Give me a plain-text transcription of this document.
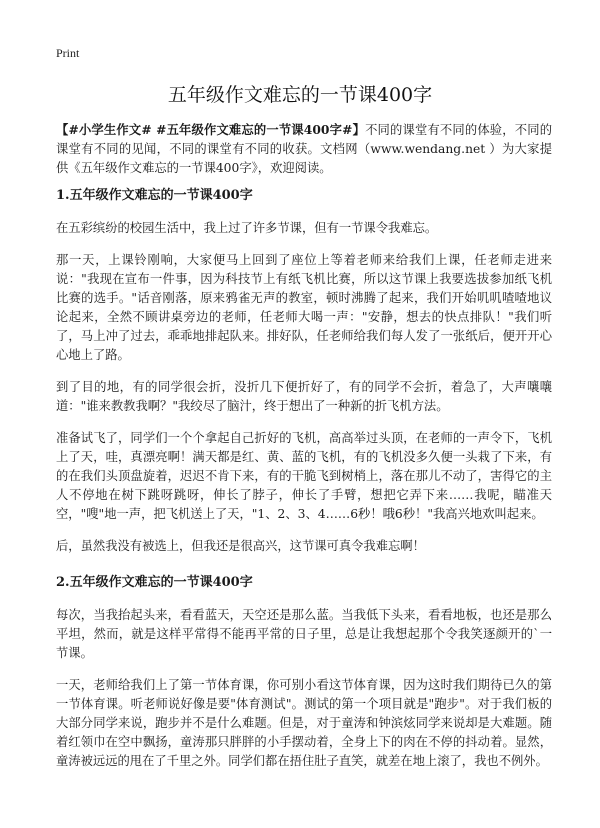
Print
五年级作文难忘的一节课400字

【#小学生作文# #五年级作文难忘的一节课400字#】不同的课堂有不同的体验，不同的课堂有不同的见闻，不同的课堂有不同的收获。文档网（www.wendang.net ）为大家提供《五年级作文难忘的一节课400字》，欢迎阅读。

1.五年级作文难忘的一节课400字

在五彩缤纷的校园生活中，我上过了许多节课，但有一节课令我难忘。

那一天，上课铃刚响，大家便马上回到了座位上等着老师来给我们上课，任老师走进来说："我现在宣布一件事，因为科技节上有纸飞机比赛，所以这节课上我要选拔参加纸飞机比赛的选手。"话音刚落，原来鸦雀无声的教室，顿时沸腾了起来，我们开始叽叽喳喳地议论起来，全然不顾讲桌旁边的老师，任老师大喝一声："安静，想去的快点排队！"我们听了，马上冲了过去，乖乖地排起队来。排好队，任老师给我们每人发了一张纸后，便开开心心地上了路。

到了目的地，有的同学很会折，没折几下便折好了，有的同学不会折，着急了，大声嚷嚷道："谁来教教我啊？"我绞尽了脑汁，终于想出了一种新的折飞机方法。

准备试飞了，同学们一个个拿起自己折好的飞机，高高举过头顶，在老师的一声令下，飞机上了天，哇，真漂亮啊！满天都是红、黄、蓝的飞机，有的飞机没多久便一头栽了下来，有的在我们头顶盘旋着，迟迟不肯下来，有的干脆飞到树梢上，落在那儿不动了，害得它的主人不停地在树下跳呀跳呀，伸长了脖子，伸长了手臂，想把它弄下来……我呢，瞄准天空，"嗖"地一声，把飞机送上了天，"1、2、3、4……6秒！哦6秒！"我高兴地欢叫起来。

后，虽然我没有被选上，但我还是很高兴，这节课可真令我难忘啊！

2.五年级作文难忘的一节课400字

每次，当我抬起头来，看看蓝天，天空还是那么蓝。当我低下头来，看看地板，也还是那么平坦，然而，就是这样平常得不能再平常的日子里，总是让我想起那个令我笑逐颜开的`一节课。

一天，老师给我们上了第一节体育课，你可别小看这节体育课，因为这时我们期待已久的第一节体育课。听老师说好像是要"体育测试"。测试的第一个项目就是"跑步"。对于我们板的大部分同学来说，跑步并不是什么难题。但是，对于童涛和钟滨炫同学来说却是大难题。随着红领巾在空中飘扬，童涛那只胖胖的小手摆动着，全身上下的肉在不停的抖动着。显然，童涛被远远的甩在了千里之外。同学们都在捂住肚子直笑，就差在地上滚了，我也不例外。
